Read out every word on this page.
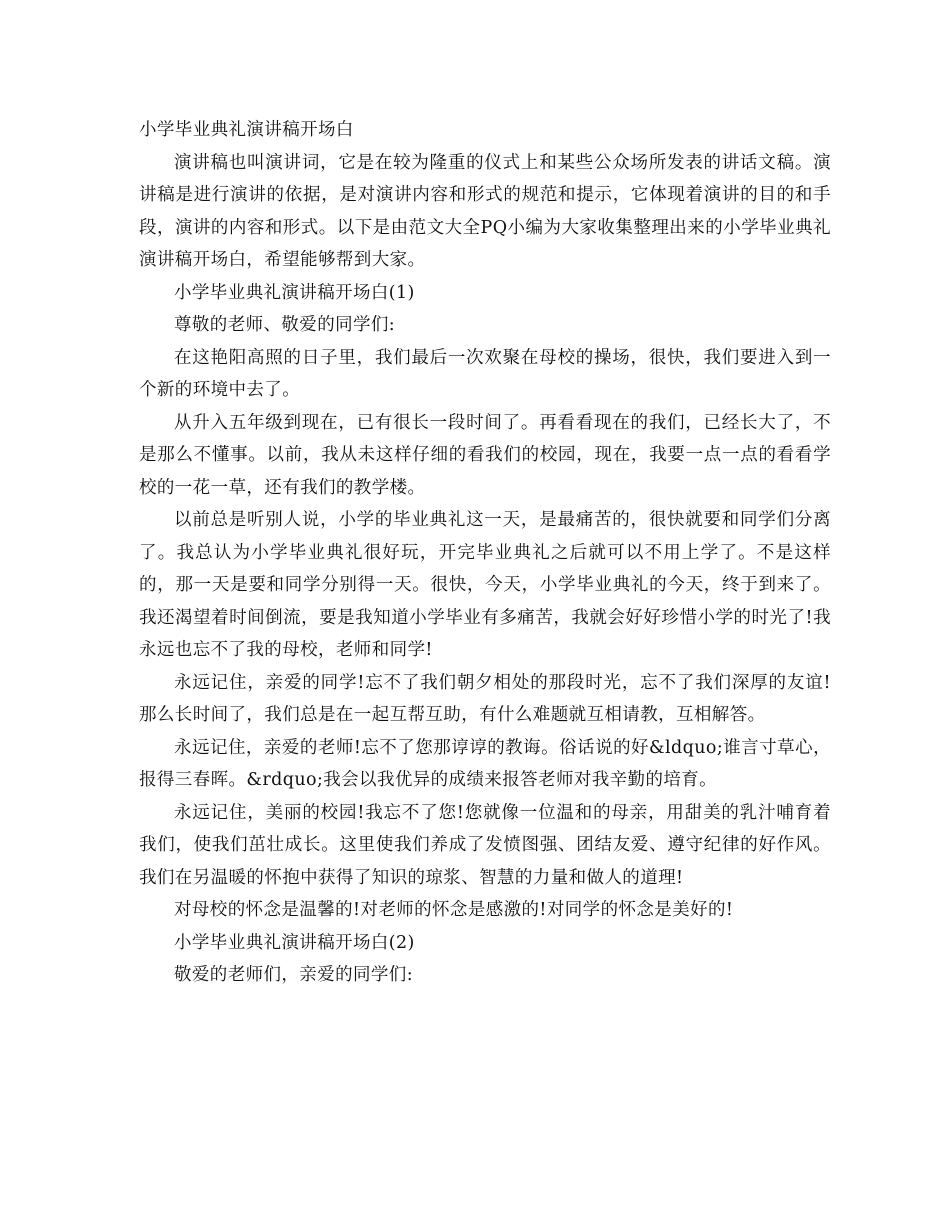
小学毕业典礼演讲稿开场白

演讲稿也叫演讲词，它是在较为隆重的仪式上和某些公众场所发表的讲话文稿。演讲稿是进行演讲的依据，是对演讲内容和形式的规范和提示，它体现着演讲的目的和手段，演讲的内容和形式。以下是由范文大全PQ小编为大家收集整理出来的小学毕业典礼演讲稿开场白，希望能够帮到大家。

小学毕业典礼演讲稿开场白(1)

尊敬的老师、敬爱的同学们:

在这艳阳高照的日子里，我们最后一次欢聚在母校的操场，很快，我们要进入到一个新的环境中去了。

从升入五年级到现在，已有很长一段时间了。再看看现在的我们，已经长大了，不是那么不懂事。以前，我从未这样仔细的看我们的校园，现在，我要一点一点的看看学校的一花一草，还有我们的教学楼。

以前总是听别人说，小学的毕业典礼这一天，是最痛苦的，很快就要和同学们分离了。我总认为小学毕业典礼很好玩，开完毕业典礼之后就可以不用上学了。不是这样的，那一天是要和同学分别得一天。很快，今天，小学毕业典礼的今天，终于到来了。我还渴望着时间倒流，要是我知道小学毕业有多痛苦，我就会好好珍惜小学的时光了!我永远也忘不了我的母校，老师和同学!

永远记住，亲爱的同学!忘不了我们朝夕相处的那段时光，忘不了我们深厚的友谊!那么长时间了，我们总是在一起互帮互助，有什么难题就互相请教，互相解答。

永远记住，亲爱的老师!忘不了您那谆谆的教诲。俗话说的好&ldquo;谁言寸草心，报得三春晖。&rdquo;我会以我优异的成绩来报答老师对我辛勤的培育。

永远记住，美丽的校园!我忘不了您!您就像一位温和的母亲，用甜美的乳汁哺育着我们，使我们茁壮成长。这里使我们养成了发愤图强、团结友爱、遵守纪律的好作风。我们在另温暖的怀抱中获得了知识的琼浆、智慧的力量和做人的道理!

对母校的怀念是温馨的!对老师的怀念是感激的!对同学的怀念是美好的!

小学毕业典礼演讲稿开场白(2)

敬爱的老师们，亲爱的同学们:
